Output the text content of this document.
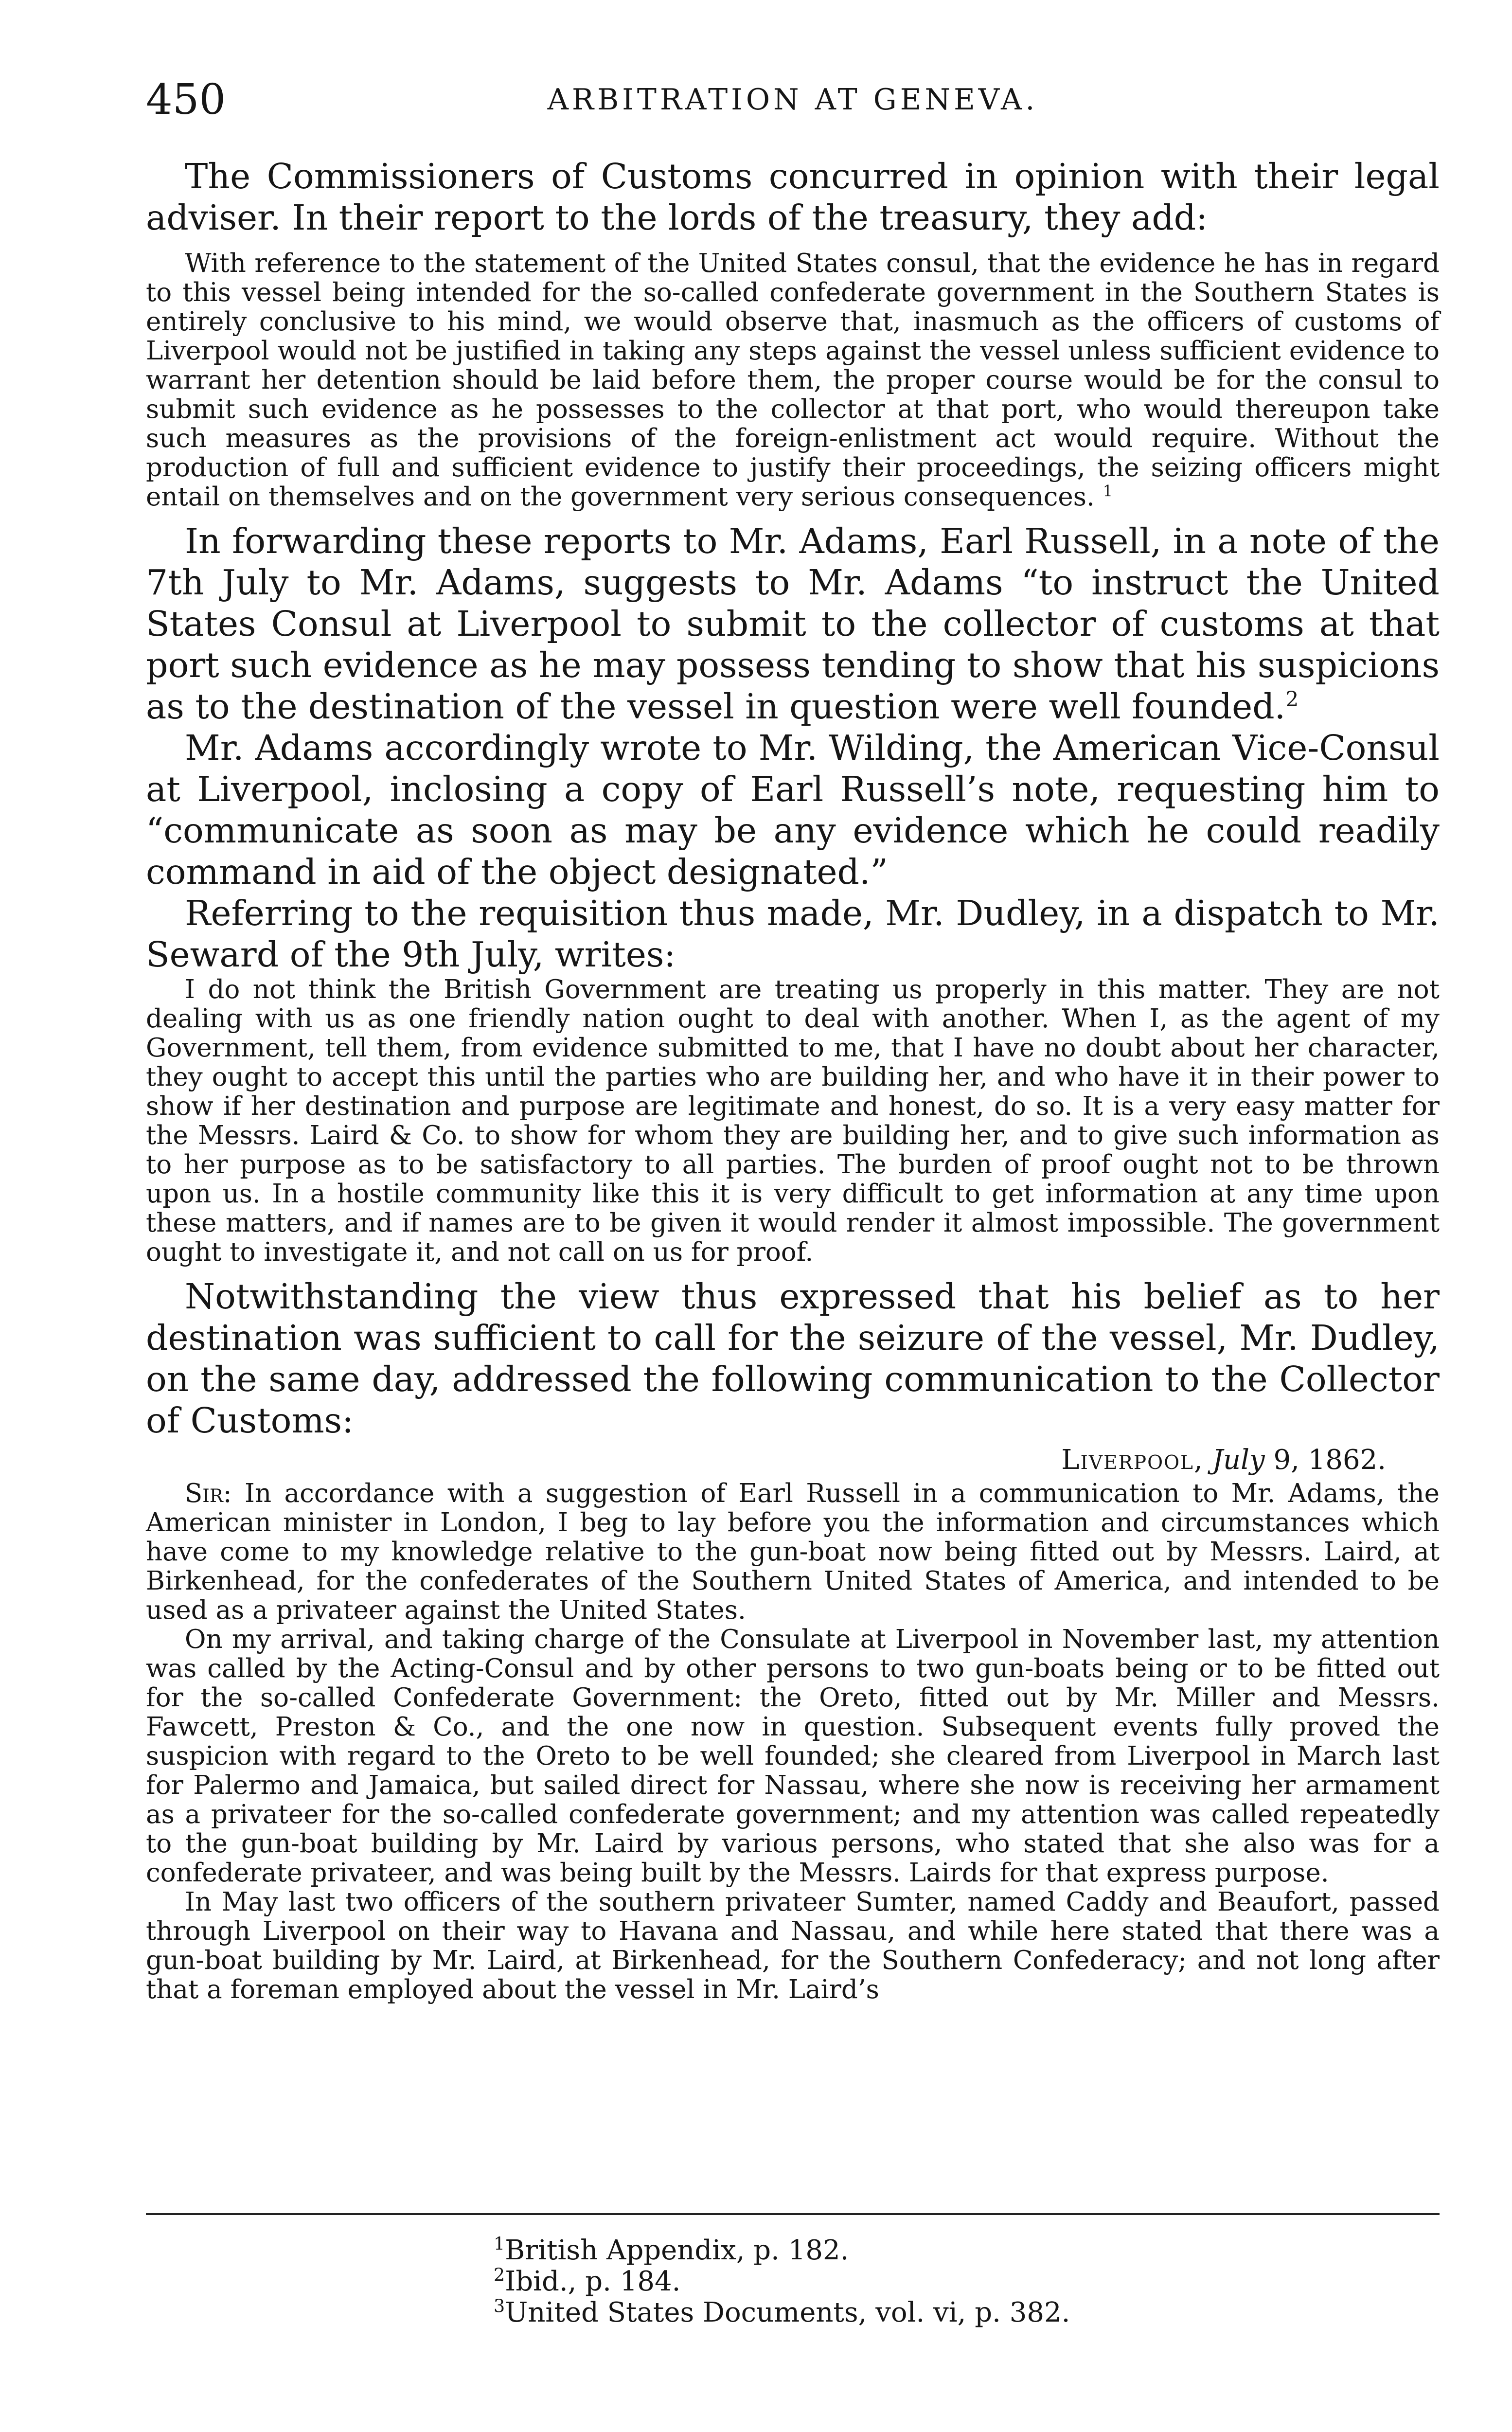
450	ARBITRATION AT GENEVA.

The Commissioners of Customs concurred in opinion with their legal adviser. In their report to the lords of the treasury, they add:

With reference to the statement of the United States consul, that the evidence he has in regard to this vessel being intended for the so-called confederate government in the Southern States is entirely conclusive to his mind, we would observe that, inasmuch as the officers of customs of Liverpool would not be justified in taking any steps against the vessel unless sufficient evidence to warrant her detention should be laid before them, the proper course would be for the consul to submit such evidence as he possesses to the collector at that port, who would thereupon take such measures as the provisions of the foreign-enlistment act would require. Without the production of full and sufficient evidence to justify their proceedings, the seizing officers might entail on themselves and on the government very serious consequences. $^1$

In forwarding these reports to Mr. Adams, Earl Russell, in a note of the 7th July to Mr. Adams, suggests to Mr. Adams “to instruct the United States Consul at Liverpool to submit to the collector of customs at that port such evidence as he may possess tending to show that his suspicions as to the destination of the vessel in question were well founded.$^2$

Mr. Adams accordingly wrote to Mr. Wilding, the American Vice-Consul at Liverpool, inclosing a copy of Earl Russell’s note, requesting him to “communicate as soon as may be any evidence which he could readily command in aid of the object designated.”

Referring to the requisition thus made, Mr. Dudley, in a dispatch to Mr. Seward of the 9th July, writes:

I do not think the British Government are treating us properly in this matter. They are not dealing with us as one friendly nation ought to deal with another. When I, as the agent of my Government, tell them, from evidence submitted to me, that I have no doubt about her character, they ought to accept this until the parties who are building her, and who have it in their power to show if her destination and purpose are legitimate and honest, do so. It is a very easy matter for the Messrs. Laird & Co. to show for whom they are building her, and to give such information as to her purpose as to be satisfactory to all parties. The burden of proof ought not to be thrown upon us. In a hostile community like this it is very difficult to get information at any time upon these matters, and if names are to be given it would render it almost impossible. The government ought to investigate it, and not call on us for proof.

Notwithstanding the view thus expressed that his belief as to her destination was sufficient to call for the seizure of the vessel, Mr. Dudley, on the same day, addressed the following communication to the Collector of Customs:

Liverpool, July 9, 1862.

Sir: In accordance with a suggestion of Earl Russell in a communication to Mr. Adams, the American minister in London, I beg to lay before you the information and circumstances which have come to my knowledge relative to the gun-boat now being fitted out by Messrs. Laird, at Birkenhead, for the confederates of the Southern United States of America, and intended to be used as a privateer against the United States.

On my arrival, and taking charge of the Consulate at Liverpool in November last, my attention was called by the Acting-Consul and by other persons to two gun-boats being or to be fitted out for the so-called Confederate Government: the Oreto, fitted out by Mr. Miller and Messrs. Fawcett, Preston & Co., and the one now in question. Subsequent events fully proved the suspicion with regard to the Oreto to be well founded; she cleared from Liverpool in March last for Palermo and Jamaica, but sailed direct for Nassau, where she now is receiving her armament as a privateer for the so-called confederate government; and my attention was called repeatedly to the gun-boat building by Mr. Laird by various persons, who stated that she also was for a confederate privateer, and was being built by the Messrs. Lairds for that express purpose.

In May last two officers of the southern privateer Sumter, named Caddy and Beaufort, passed through Liverpool on their way to Havana and Nassau, and while here stated that there was a gun-boat building by Mr. Laird, at Birkenhead, for the Southern Confederacy; and not long after that a foreman employed about the vessel in Mr. Laird’s

$^1$British Appendix, p. 182.
$^2$Ibid., p. 184.
$^3$United States Documents, vol. vi, p. 382.
